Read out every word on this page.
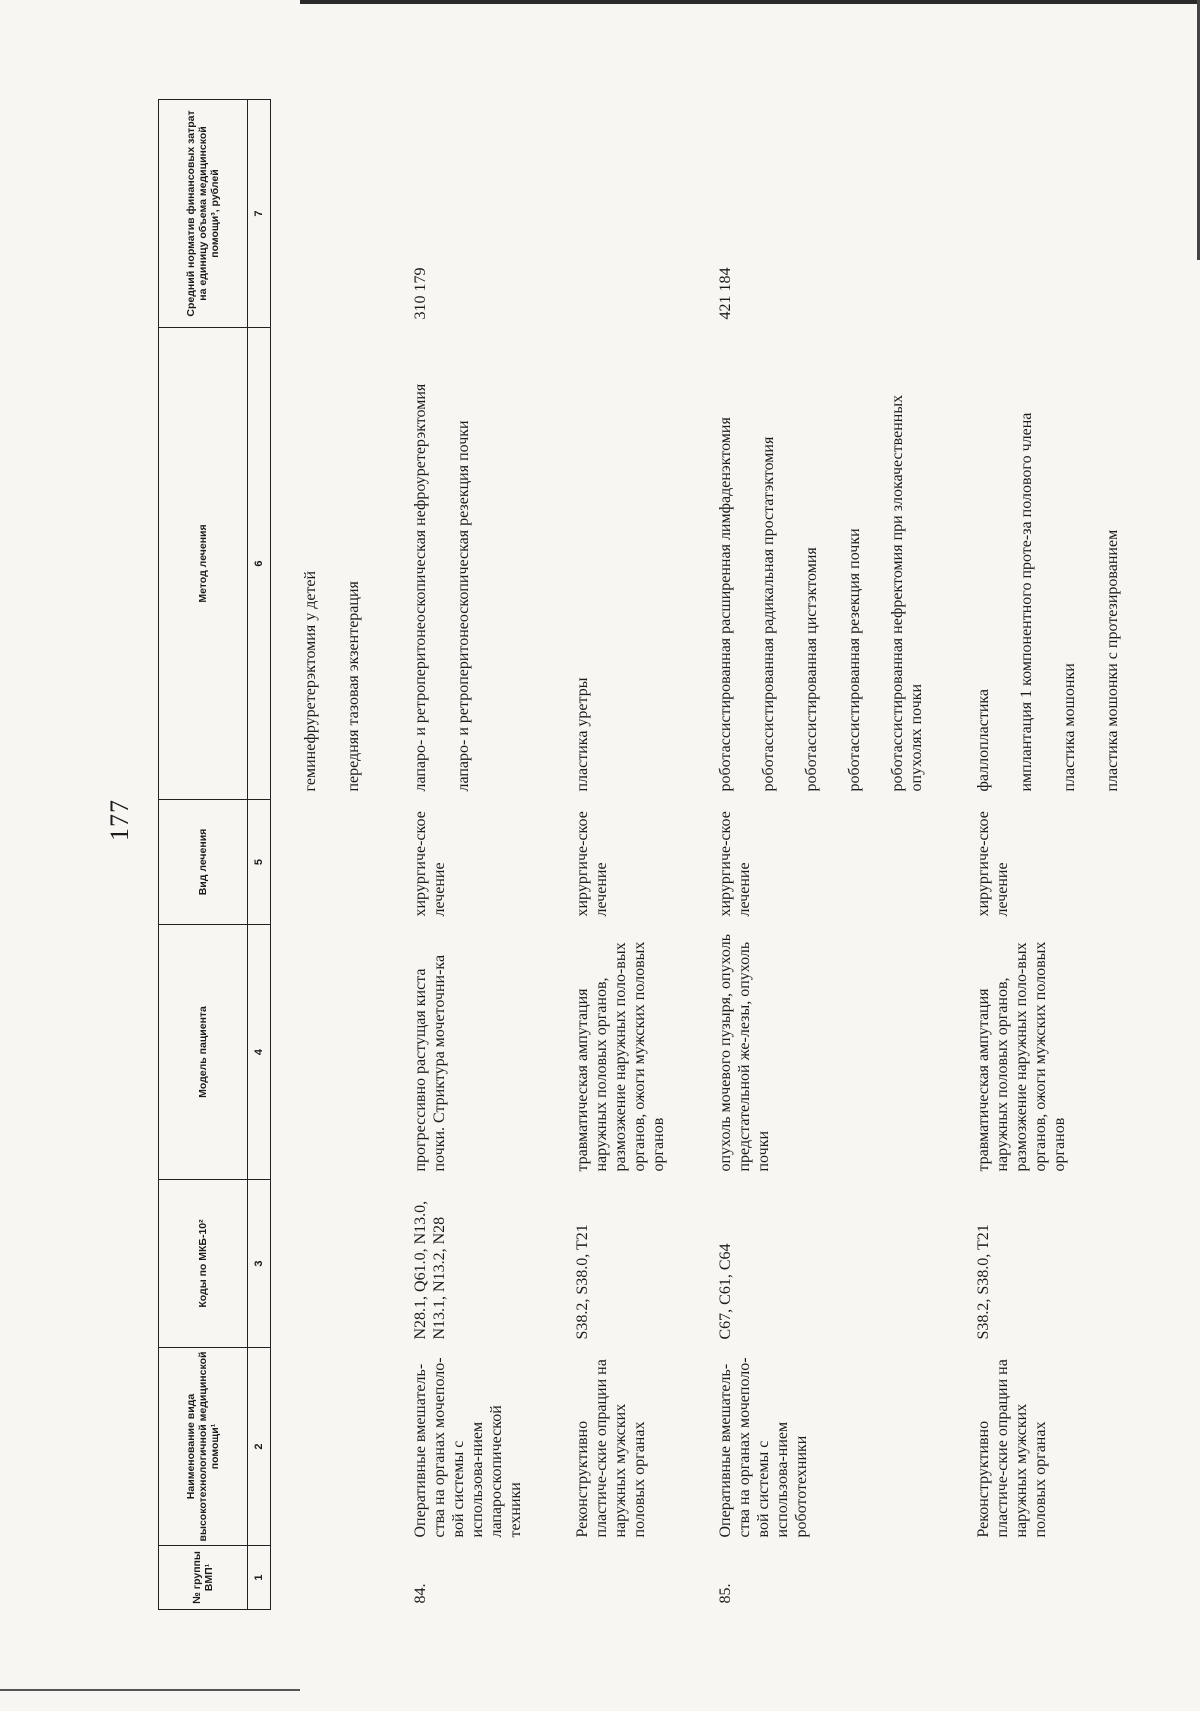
177
№ группы ВМП¹	Наименование вида высокотехнологичной медицинской помощи¹	Коды по МКБ-10²	Модель пациента	Вид лечения	Метод лечения	Средний норматив финансовых затрат на единицу объема медицинской помощи³, рублей
1	2	3	4	5	6	7

					геминефруретерэктомия у детей передняя тазовая экзентерация	

84.	Оперативные вмешатель-ства на органах мочеполо-вой системы с использова-нием лапароскопической техники	N28.1, Q61.0, N13.0, N13.1, N13.2, N28	прогрессивно растущая киста почки. Стриктура мочеточни-ка	хирургиче-ское лечение	лапаро- и ретроперитонеоскопическая нефроуретерэктомия лапаро- и ретроперитонеоскопическая резекция почки	310 179

	Реконструктивно пластиче-ские опрации на наружных мужских половых органах	S38.2, S38.0, T21	травматическая ампутация наружных половых органов, размозжение наружных поло-вых органов, ожоги мужских половых органов	хирургиче-ское лечение	пластика уретры	

85.	Оперативные вмешатель-ства на органах мочеполо-вой системы с использова-нием робототехники	C67, C61, C64	опухоль мочевого пузыря, опухоль предстательной же-лезы, опухоль почки	хирургиче-ское лечение	роботассистированная расширенная лимфаденэктомия роботассистированная радикальная простатэктомия роботассистированная цистэктомия роботассистированная резекция почки роботассистированная нефректомия при злокачественных опухолях почки	421 184

	Реконструктивно пластиче-ские опрации на наружных мужских половых органах	S38.2, S38.0, T21	травматическая ампутация наружных половых органов, размозжение наружных поло-вых органов, ожоги мужских половых органов	хирургиче-ское лечение	фаллопластика имплантация 1 компонентного проте-за полового члена пластика мошонки пластика мошонки с протезированием	
